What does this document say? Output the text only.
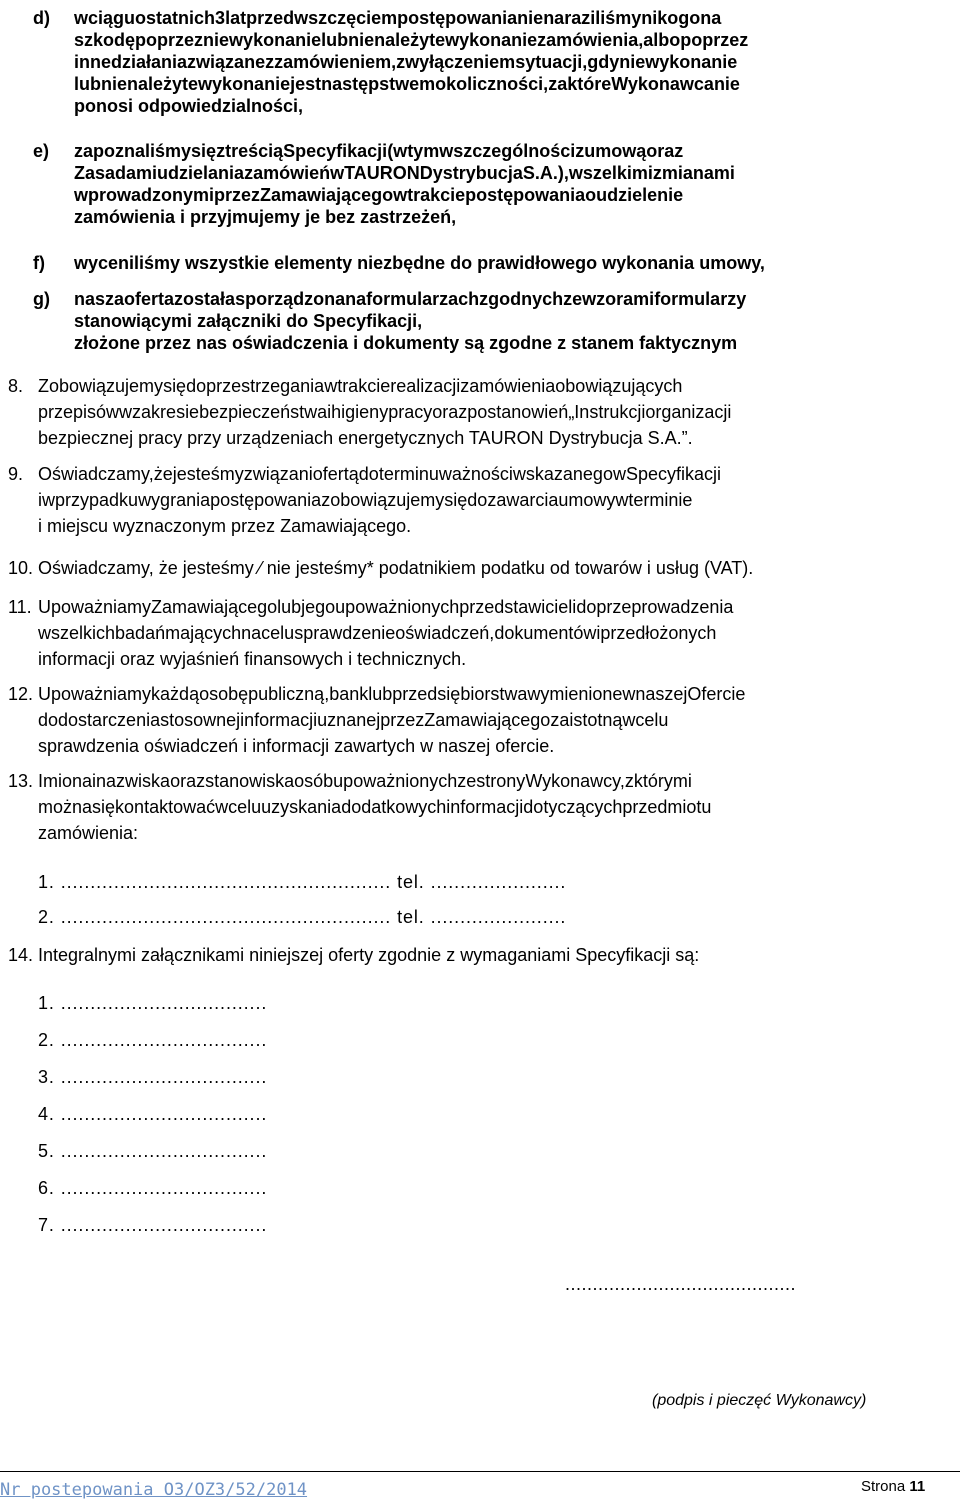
d) wciąguostatnich3latprzedwszczęciempostępowanianienaraziliśmynikogona
szkodępoprzezniewykonanielubnienależytewykonaniezamówienia,albopoprzez
innedziałaniazwiązanezzamówieniem,zwyłączeniemsytuacji,gdyniewykonanie
lubnienależytewykonaniejestnastępstwemokoliczności,zaktóreWykonawcanie
ponosi odpowiedzialności,
e) zapoznaliśmysięztreściąSpecyfikacji(wtymwszczególnościzumowąoraz
ZasadamiudzielaniazamówieńwTAURONDystrybucjaS.A.),wszelkimizmianami
wprowadzonymiprzezZamawiającegowtrakciepostępowaniaoudzielenie
zamówienia i przyjmujemy je bez zastrzeżeń,
f) wyceniliśmy wszystkie elementy niezbędne do prawidłowego wykonania umowy,
g) naszaofertazostałasporządzonanaformularzachzgodnychzewzoramiformularzy
stanowiącymi załączniki do Specyfikacji,
złożone przez nas oświadczenia i dokumenty są zgodne z stanem faktycznym
8. Zobowiązujemysiędoprzestrzeganiawtrakcierealizacjizamówieniaobowiązujących
przepisówwzakresiebezpieczeństwaihigienypracyorazpostanowień„Instrukcjiorganizacji
bezpiecznej pracy przy urządzeniach energetycznych TAURON Dystrybucja S.A.”.
9. Oświadczamy,żejesteśmyzwiązaniofertądoterminuważnościwskazanegowSpecyfikacji
iwprzypadkuwygraniapostępowaniazobowiązujemysiędozawarciaumowywterminie
i miejscu wyznaczonym przez Zamawiającego.
10. Oświadczamy, że jesteśmy ⁄ nie jesteśmy* podatnikiem podatku od towarów i usług (VAT).
11. UpoważniamyZamawiającegolubjegoupoważnionychprzedstawicielidoprzeprowadzenia
wszelkichbadańmającychnacelusprawdzenieoświadczeń,dokumentówiprzedłożonych
informacji oraz wyjaśnień finansowych i technicznych.
12. Upoważniamykażdąosobępubliczną,banklubprzedsiębiorstwawymienionewnaszejOfercie
dodostarczeniastosownejinformacjiuznanejprzezZamawiającegozaistotnąwcelu
sprawdzenia oświadczeń i informacji zawartych w naszej ofercie.
13. ImionainazwiskaorazstanowiskaosóbupoważnionychzestronyWykonawcy,zktórymi
możnasiękontaktowaćwceluuzyskaniadodatkowychinformacjidotyczącychprzedmiotu
zamówienia:
1. ........................................................ tel. .......................
2. ........................................................ tel. .......................
14. Integralnymi załącznikami niniejszej oferty zgodnie z wymaganiami Specyfikacji są:
1. ...................................
2. ...................................
3. ...................................
4. ...................................
5. ...................................
6. ...................................
7. ...................................
..........................................
(podpis i pieczęć Wykonawcy)
Nr postepowania O3/OZ3/52/2014	Strona 11
